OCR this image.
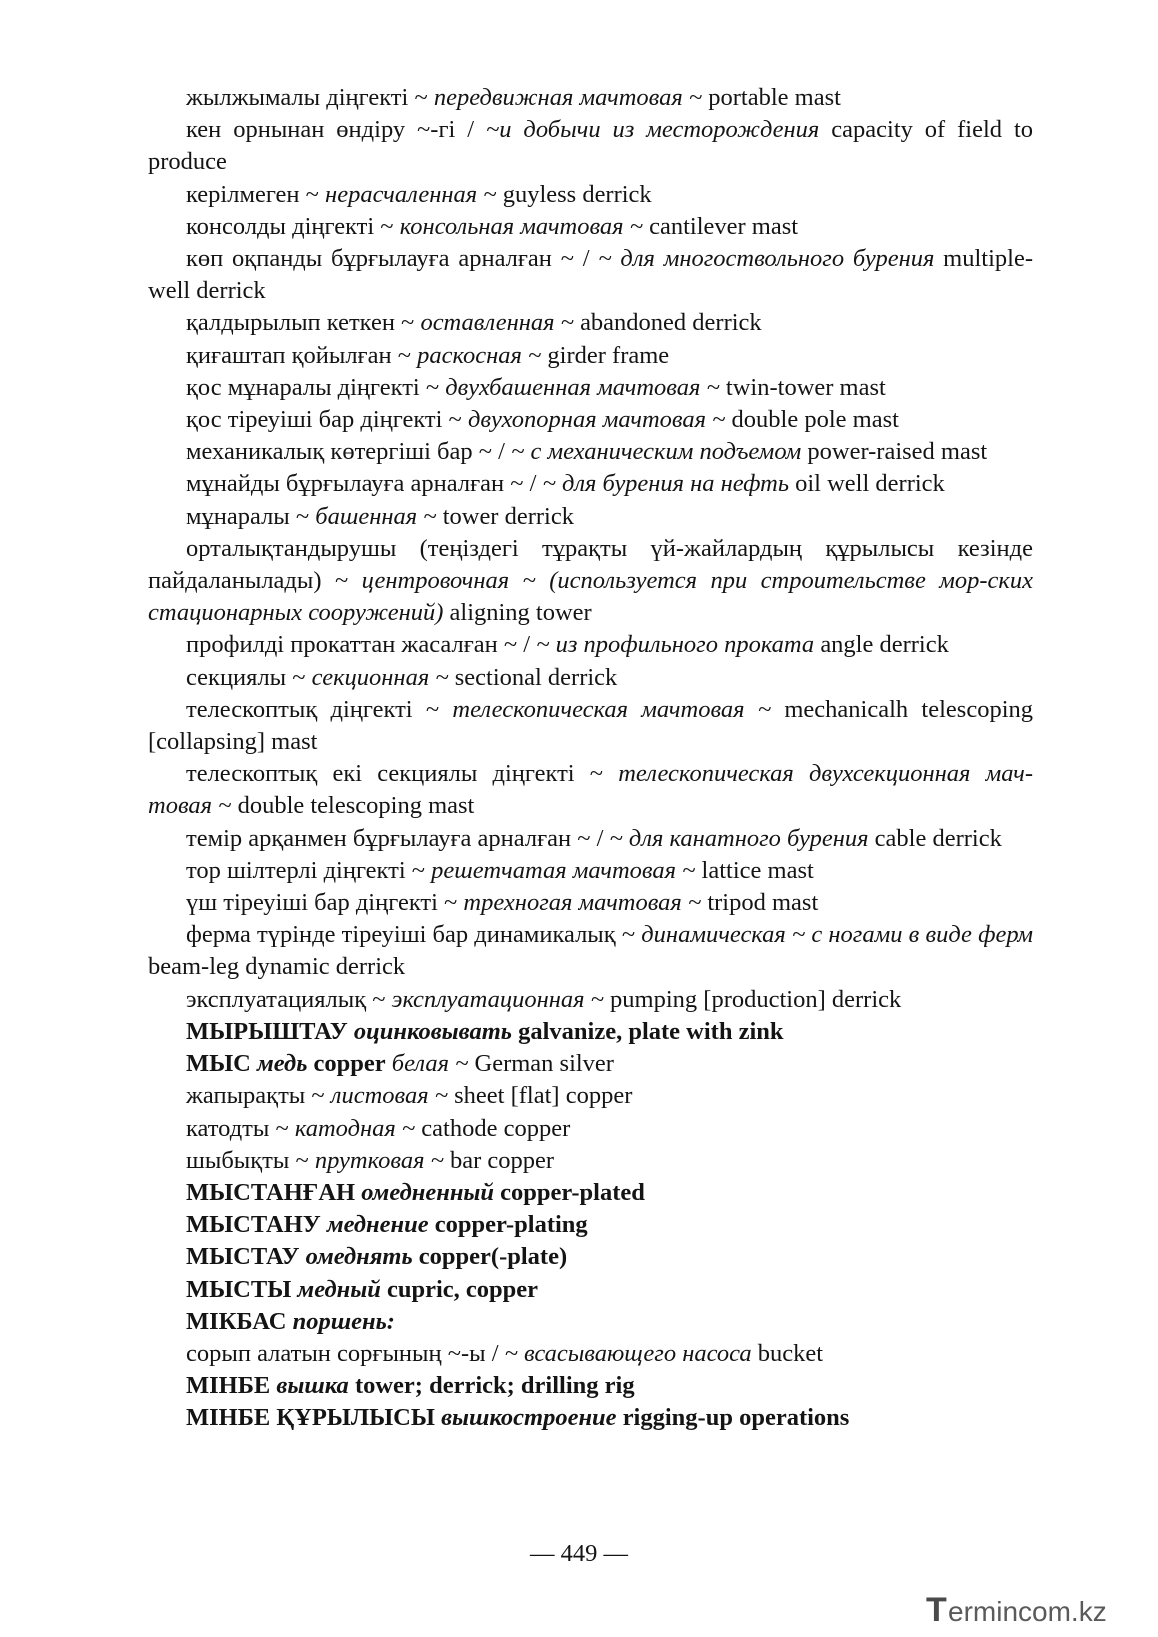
жылжымалы діңгекті ~ передвижная мачтовая ~ portable mast

кен орнынан өндіру ~-гі / ~и добычи из месторождения capacity of field to produce

керілмеген ~ нерасчаленная ~ guyless derrick

консолды діңгекті ~ консольная мачтовая ~ cantilever mast

көп оқпанды бұрғылауға арналған ~ / ~ для многоствольного бурения multiple-well derrick

қалдырылып кеткен ~ оставленная ~ abandoned derrick

қиғаштап қойылған ~ раскосная ~ girder frame

қос мұнаралы діңгекті ~ двухбашенная мачтовая ~ twin-tower mast

қос тіреуіші бар діңгекті ~ двухопорная мачтовая ~ double pole mast

механикалық көтергіші бар ~ / ~ с механическим подъемом power-raised mast

мұнайды бұрғылауға арналған ~ / ~ для бурения на нефть oil well derrick

мұнаралы ~ башенная ~ tower derrick

орталықтандырушы (теңіздегі тұрақты үй-жайлардың құрылысы кезінде пайдаланылады) ~ центровочная ~ (используется при строительстве мор-ских стационарных сооружений) aligning tower

профилді прокаттан жасалған ~ / ~ из профильного проката angle derrick

секциялы ~ секционная ~ sectional derrick

телескоптық діңгекті ~ телескопическая мачтовая ~ mechanicalh telescoping [collapsing] mast

телескоптық екі секциялы діңгекті ~ телескопическая двухсекционная мач-товая ~ double telescoping mast

темір арқанмен бұрғылауға арналған ~ / ~ для канатного бурения cable derrick

тор шілтерлі діңгекті ~ решетчатая мачтовая ~ lattice mast

үш тіреуіші бар діңгекті ~ трехногая мачтовая ~ tripod mast

ферма түрінде тіреуіші бар динамикалық ~ динамическая ~ с ногами в виде ферм beam-leg dynamic derrick

эксплуатациялық ~ эксплуатационная ~ pumping [production] derrick

МЫРЫШТАУ оцинковывать galvanize, plate with zink

МЫС медь copper белая ~ German silver

жапырақты ~ листовая ~ sheet [flat] copper

катодты ~ катодная ~ cathode copper

шыбықты ~ прутковая ~ bar copper

МЫСТАНҒАН омедненный copper-plated

МЫСТАНУ меднение copper-plating

МЫСТАУ омеднять copper(-plate)

МЫСТЫ медный cupric, copper

МІКБАС поршень:

сорып алатын сорғының ~-ы / ~ всасывающего насоса bucket

МІНБЕ вышка tower; derrick; drilling rig

МІНБЕ ҚҰРЫЛЫСЫ вышкостроение rigging-up operations

— 449 —
T ermincom.kz
